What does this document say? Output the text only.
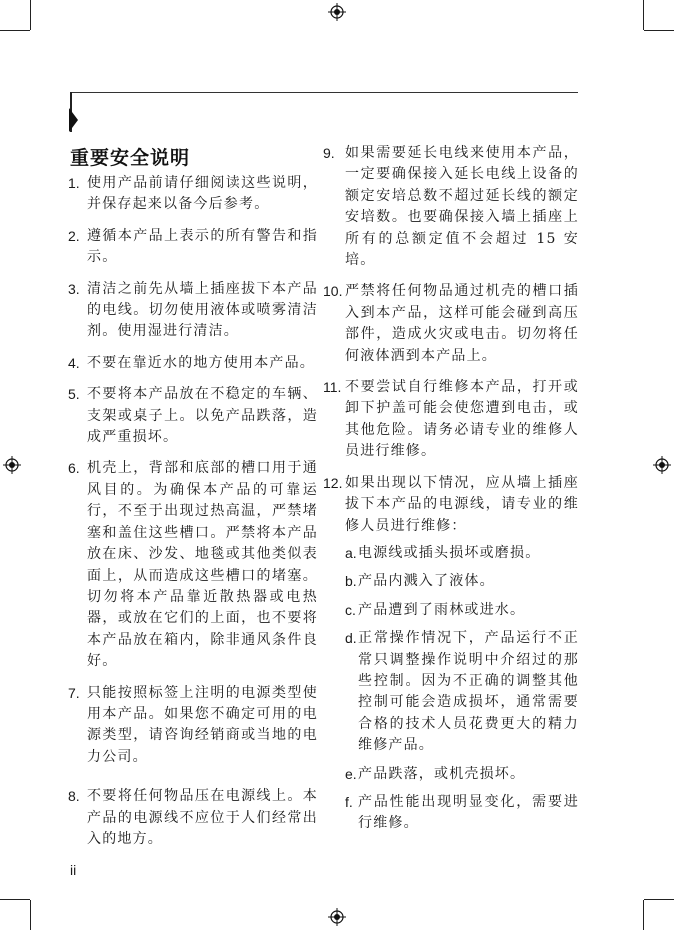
重要安全说明
1. 使用产品前请仔细阅读这些说明，并保存起来以备今后参考。
2. 遵循本产品上表示的所有警告和指示。
3. 清洁之前先从墙上插座拔下本产品的电线。切勿使用液体或喷雾清洁剂。使用湿进行清洁。
4. 不要在靠近水的地方使用本产品。
5. 不要将本产品放在不稳定的车辆、支架或桌子上。以免产品跌落，造成严重损坏。
6. 机壳上，背部和底部的槽口用于通风目的。为确保本产品的可靠运行，不至于出现过热高温，严禁堵塞和盖住这些槽口。严禁将本产品放在床、沙发、地毯或其他类似表面上，从而造成这些槽口的堵塞。切勿将本产品靠近散热器或电热器，或放在它们的上面，也不要将本产品放在箱内，除非通风条件良好。
7. 只能按照标签上注明的电源类型使用本产品。如果您不确定可用的电源类型，请咨询经销商或当地的电力公司。
8. 不要将任何物品压在电源线上。本产品的电源线不应位于人们经常出入的地方。
9. 如果需要延长电线来使用本产品，一定要确保接入延长电线上设备的额定安培总数不超过延长线的额定安培数。也要确保接入墙上插座上所有的总额定值不会超过 15 安培。
10. 严禁将任何物品通过机壳的槽口插入到本产品，这样可能会碰到高压部件，造成火灾或电击。切勿将任何液体洒到本产品上。
11. 不要尝试自行维修本产品，打开或卸下护盖可能会使您遭到电击，或其他危险。请务必请专业的维修人员进行维修。
12. 如果出现以下情况，应从墙上插座拔下本产品的电源线，请专业的维修人员进行维修：
a. 电源线或插头损坏或磨损。
b. 产品内溅入了液体。
c. 产品遭到了雨林或进水。
d. 正常操作情况下，产品运行不正常只调整操作说明中介绍过的那些控制。因为不正确的调整其他控制可能会造成损坏，通常需要合格的技术人员花费更大的精力维修产品。
e. 产品跌落，或机壳损坏。
f. 产品性能出现明显变化，需要进行维修。
ii
